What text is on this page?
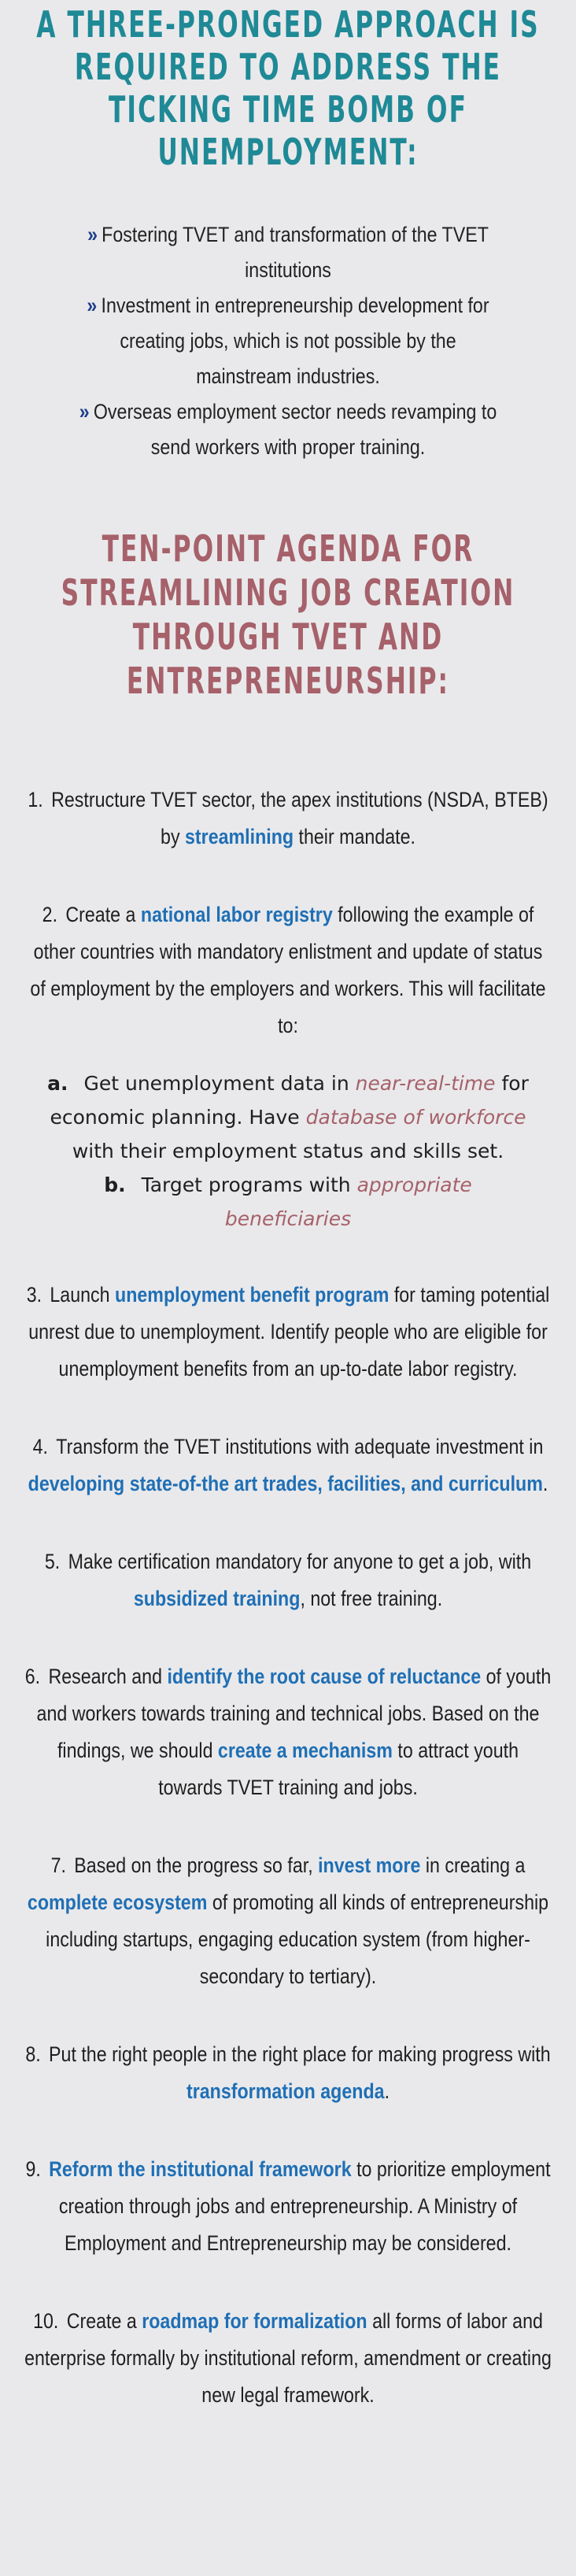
A THREE-PRONGED APPROACH IS REQUIRED TO ADDRESS THE TICKING TIME BOMB OF UNEMPLOYMENT:
» Fostering TVET and transformation of the TVET institutions
» Investment in entrepreneurship development for creating jobs, which is not possible by the mainstream industries.
» Overseas employment sector needs revamping to send workers with proper training.
TEN-POINT AGENDA FOR STREAMLINING JOB CREATION THROUGH TVET AND ENTREPRENEURSHIP:
1. Restructure TVET sector, the apex institutions (NSDA, BTEB) by streamlining their mandate.
2. Create a national labor registry following the example of other countries with mandatory enlistment and update of status of employment by the employers and workers. This will facilitate to:
a. Get unemployment data in near-real-time for economic planning. Have database of workforce with their employment status and skills set.
b. Target programs with appropriate beneficiaries
3. Launch unemployment benefit program for taming potential unrest due to unemployment. Identify people who are eligible for unemployment benefits from an up-to-date labor registry.
4. Transform the TVET institutions with adequate investment in developing state-of-the art trades, facilities, and curriculum.
5. Make certification mandatory for anyone to get a job, with subsidized training, not free training.
6. Research and identify the root cause of reluctance of youth and workers towards training and technical jobs. Based on the findings, we should create a mechanism to attract youth towards TVET training and jobs.
7. Based on the progress so far, invest more in creating a complete ecosystem of promoting all kinds of entrepreneurship including startups, engaging education system (from higher-secondary to tertiary).
8. Put the right people in the right place for making progress with transformation agenda.
9. Reform the institutional framework to prioritize employment creation through jobs and entrepreneurship. A Ministry of Employment and Entrepreneurship may be considered.
10. Create a roadmap for formalization all forms of labor and enterprise formally by institutional reform, amendment or creating new legal framework.
